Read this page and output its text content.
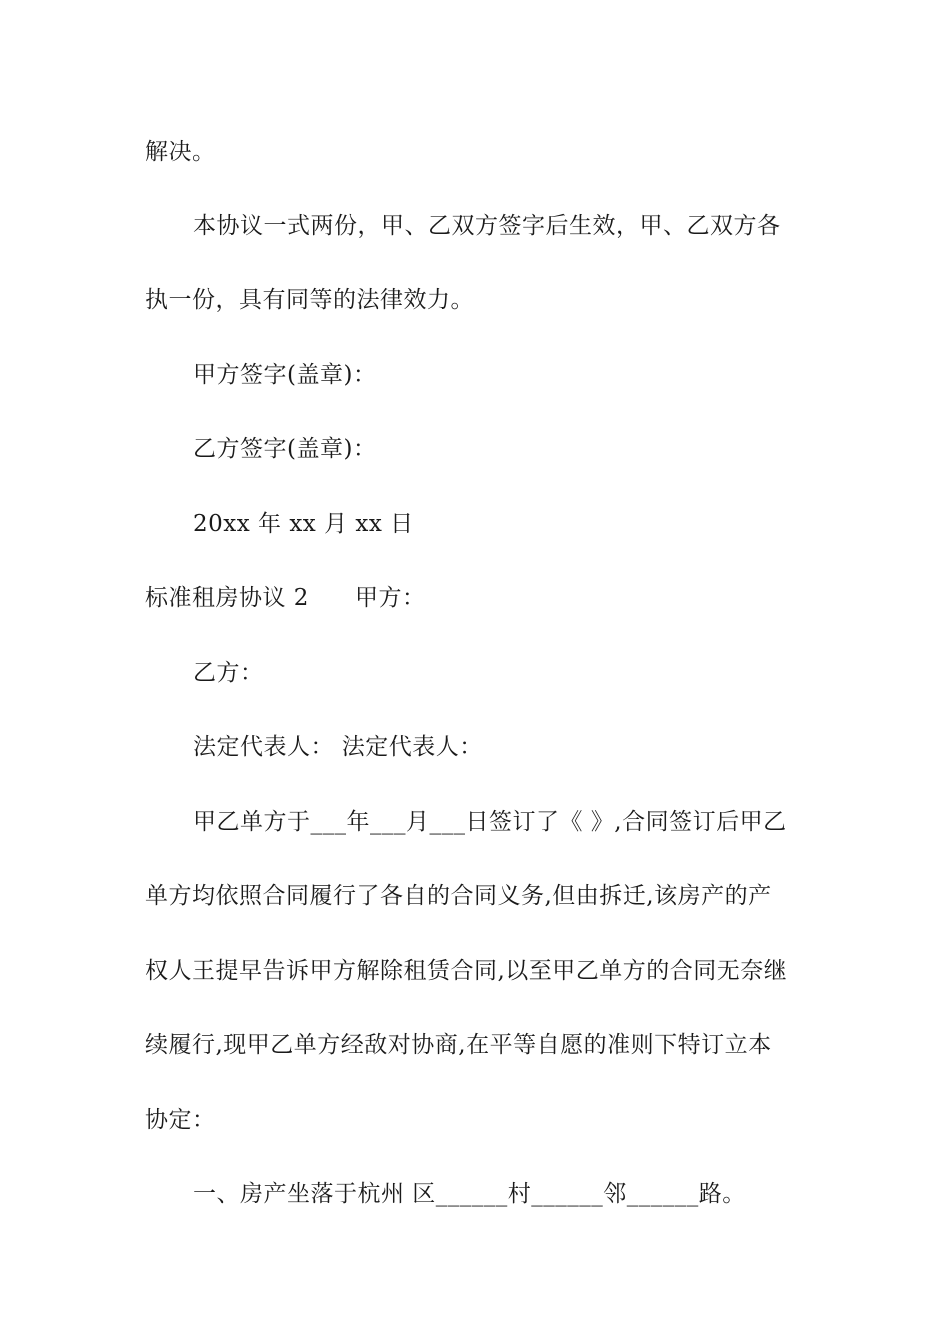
解决。
本协议一式两份，甲、乙双方签字后生效，甲、乙双方各
执一份，具有同等的法律效力。
甲方签字(盖章)：
乙方签字(盖章)：
20xx 年 xx 月 xx 日
标准租房协议 2 甲方：
乙方：
法定代表人： 法定代表人：
甲乙单方于___年___月___日签订了《 》,合同签订后甲乙
单方均依照合同履行了各自的合同义务,但由拆迁,该房产的产
权人王提早告诉甲方解除租赁合同,以至甲乙单方的合同无奈继
续履行,现甲乙单方经敌对协商,在平等自愿的准则下特订立本
协定：
一、房产坐落于杭州 区______村______邻______路。
